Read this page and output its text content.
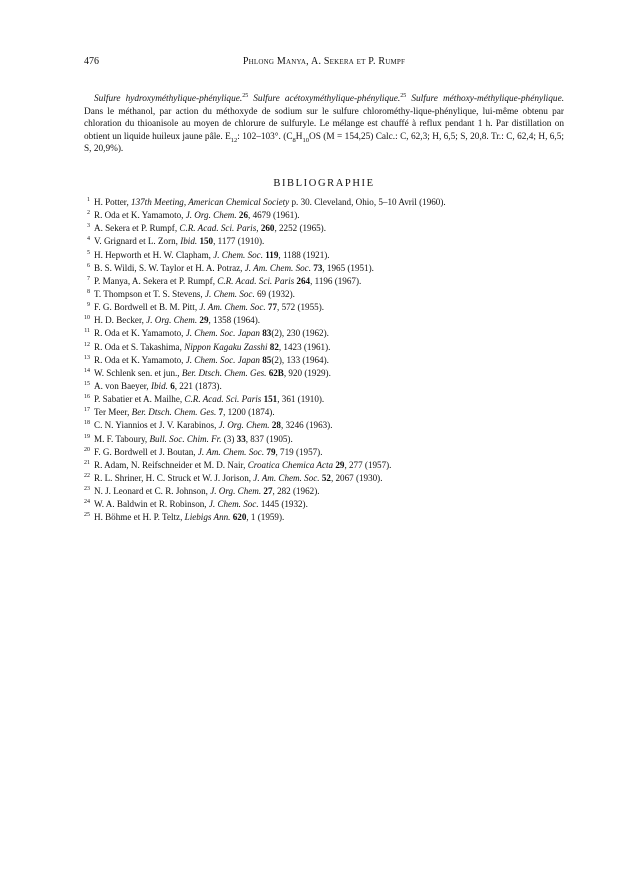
476	Phlong Manya, A. Sekera et P. Rumpf

Sulfure hydroxyméthylique-phénylique.$^{25}$ Sulfure acétoxyméthylique-phénylique.$^{25}$ Sulfure méthoxy-méthylique-phénylique. Dans le méthanol, par action du méthoxyde de sodium sur le sulfure chlorométhy-lique-phénylique, lui-même obtenu par chloration du thioanisole au moyen de chlorure de sulfuryle. Le mélange est chauffé à reflux pendant 1 h. Par distillation on obtient un liquide huileux jaune pâle. $E_{12}$: 102–103°. ($C_8H_{10}OS$ (M = 154,25) Calc.: C, 62,3; H, 6,5; S, 20,8. Tr.: C, 62,4; H, 6,5; S, 20,9%).

BIBLIOGRAPHIE
1 H. Potter, 137th Meeting, American Chemical Society p. 30. Cleveland, Ohio, 5–10 Avril (1960).
2 R. Oda et K. Yamamoto, J. Org. Chem. 26, 4679 (1961).
3 A. Sekera et P. Rumpf, C.R. Acad. Sci. Paris, 260, 2252 (1965).
4 V. Grignard et L. Zorn, Ibid. 150, 1177 (1910).
5 H. Hepworth et H. W. Clapham, J. Chem. Soc. 119, 1188 (1921).
6 B. S. Wildi, S. W. Taylor et H. A. Potraz, J. Am. Chem. Soc. 73, 1965 (1951).
7 P. Manya, A. Sekera et P. Rumpf, C.R. Acad. Sci. Paris 264, 1196 (1967).
8 T. Thompson et T. S. Stevens, J. Chem. Soc. 69 (1932).
9 F. G. Bordwell et B. M. Pitt, J. Am. Chem. Soc. 77, 572 (1955).
10 H. D. Becker, J. Org. Chem. 29, 1358 (1964).
11 R. Oda et K. Yamamoto, J. Chem. Soc. Japan 83(2), 230 (1962).
12 R. Oda et S. Takashima, Nippon Kagaku Zasshi 82, 1423 (1961).
13 R. Oda et K. Yamamoto, J. Chem. Soc. Japan 85(2), 133 (1964).
14 W. Schlenk sen. et jun., Ber. Dtsch. Chem. Ges. 62B, 920 (1929).
15 A. von Baeyer, Ibid. 6, 221 (1873).
16 P. Sabatier et A. Mailhe, C.R. Acad. Sci. Paris 151, 361 (1910).
17 Ter Meer, Ber. Dtsch. Chem. Ges. 7, 1200 (1874).
18 C. N. Yiannios et J. V. Karabinos, J. Org. Chem. 28, 3246 (1963).
19 M. F. Taboury, Bull. Soc. Chim. Fr. (3) 33, 837 (1905).
20 F. G. Bordwell et J. Boutan, J. Am. Chem. Soc. 79, 719 (1957).
21 R. Adam, N. Reifschneider et M. D. Nair, Croatica Chemica Acta 29, 277 (1957).
22 R. L. Shriner, H. C. Struck et W. J. Jorison, J. Am. Chem. Soc. 52, 2067 (1930).
23 N. J. Leonard et C. R. Johnson, J. Org. Chem. 27, 282 (1962).
24 W. A. Baldwin et R. Robinson, J. Chem. Soc. 1445 (1932).
25 H. Böhme et H. P. Teltz, Liebigs Ann. 620, 1 (1959).
